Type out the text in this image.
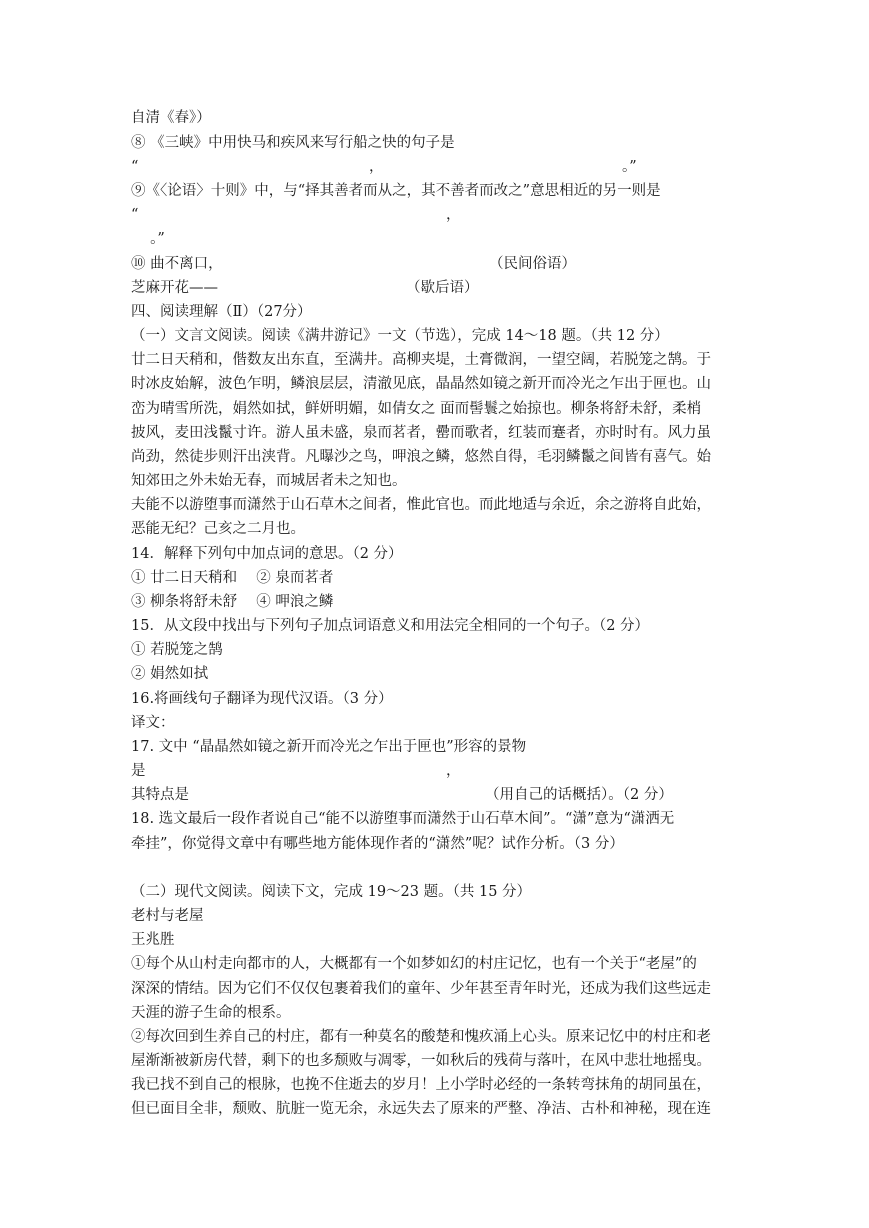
自清《春》）
⑧ 《三峡》中用快马和疾风来写行船之快的句子是
“	，	。”
⑨《〈论语〉十则》中，与“择其善者而从之，其不善者而改之”意思相近的另一则是
“	，
　 。”
⑩ 曲不离口，	（民间俗语）
芝麻开花——	（歇后语）
四、阅读理解（Ⅱ）（27分）
（一）文言文阅读。阅读《满井游记》一文（节选），完成 14～18 题。（共 12 分）
廿二日天稍和，偕数友出东直，至满井。高柳夹堤，土膏微润，一望空阔，若脱笼之鹄。于
时冰皮始解，波色乍明，鳞浪层层，清澈见底，晶晶然如镜之新开而冷光之乍出于匣也。山
峦为晴雪所洗，娟然如拭，鲜妍明媚，如倩女之 面而髻鬟之始掠也。柳条将舒未舒，柔梢
披风，麦田浅鬣寸许。游人虽未盛，泉而茗者，罍而歌者，红装而蹇者，亦时时有。风力虽
尚劲，然徒步则汗出浃背。凡曝沙之鸟，呷浪之鳞，悠然自得，毛羽鳞鬣之间皆有喜气。始
知郊田之外未始无春，而城居者未之知也。
夫能不以游堕事而潇然于山石草木之间者，惟此官也。而此地适与余近，余之游将自此始，
恶能无纪？己亥之二月也。
14．解释下列句中加点词的意思。（2 分）
① 廿二日天稍和　 ② 泉而茗者
③ 柳条将舒未舒　 ④ 呷浪之鳞
15．从文段中找出与下列句子加点词语意义和用法完全相同的一个句子。（2 分）
① 若脱笼之鹄
② 娟然如拭
16.将画线句子翻译为现代汉语。（3 分）
译文：
17. 文中 “晶晶然如镜之新开而冷光之乍出于匣也”形容的景物
是	，
其特点是	（用自己的话概括）。（2 分）
18. 选文最后一段作者说自己“能不以游堕事而潇然于山石草木间”。“潇”意为“潇洒无
牵挂”，你觉得文章中有哪些地方能体现作者的“潇然”呢？试作分析。（3 分）
（二）现代文阅读。阅读下文，完成 19～23 题。（共 15 分）
老村与老屋
王兆胜
①每个从山村走向都市的人，大概都有一个如梦如幻的村庄记忆，也有一个关于“老屋”的
深深的情结。因为它们不仅仅包裹着我们的童年、少年甚至青年时光，还成为我们这些远走
天涯的游子生命的根系。
②每次回到生养自己的村庄，都有一种莫名的酸楚和愧疚涌上心头。原来记忆中的村庄和老
屋渐渐被新房代替，剩下的也多颓败与凋零，一如秋后的残荷与落叶，在风中悲壮地摇曳。
我已找不到自己的根脉，也挽不住逝去的岁月！上小学时必经的一条转弯抹角的胡同虽在，
但已面目全非，颓败、肮脏一览无余，永远失去了原来的严整、净洁、古朴和神秘，现在连
